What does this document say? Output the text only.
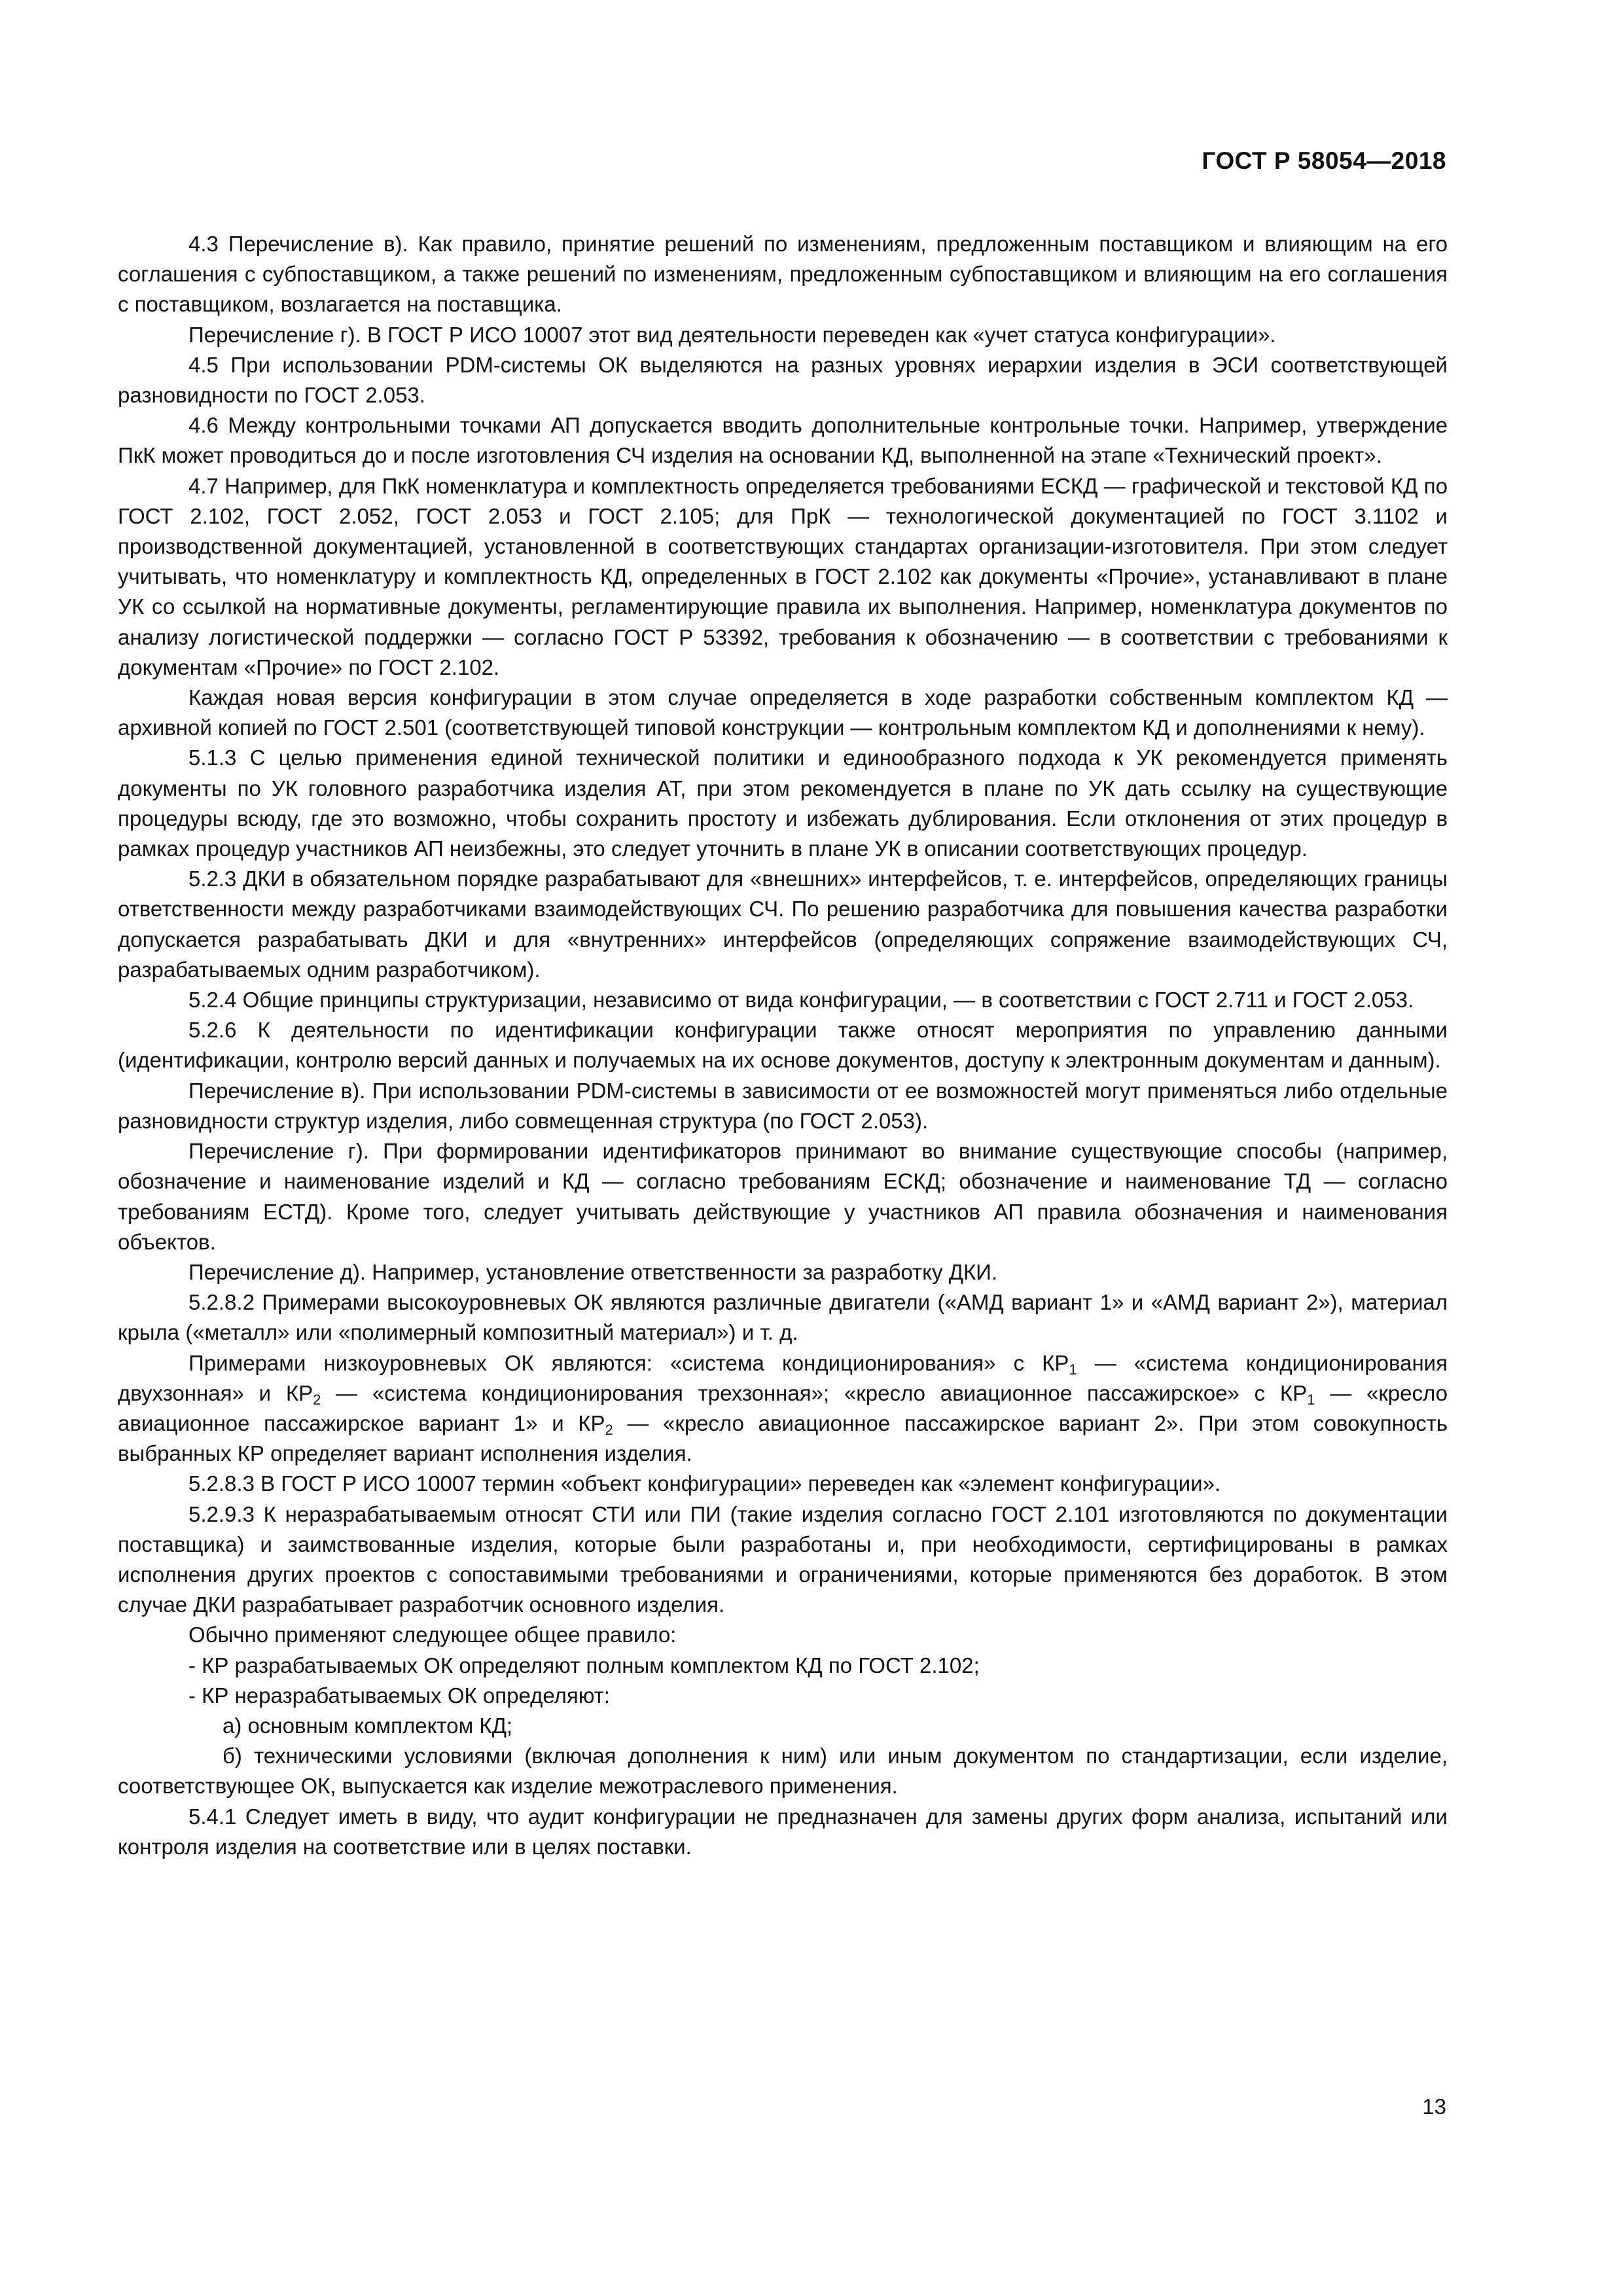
ГОСТ Р 58054—2018

4.3 Перечисление в). Как правило, принятие решений по изменениям, предложенным поставщиком и влияющим на его соглашения с субпоставщиком, а также решений по изменениям, предложенным субпоставщиком и влияющим на его соглашения с поставщиком, возлагается на поставщика.

Перечисление г). В ГОСТ Р ИСО 10007 этот вид деятельности переведен как «учет статуса конфигурации».

4.5 При использовании PDM-системы ОК выделяются на разных уровнях иерархии изделия в ЭСИ соответствующей разновидности по ГОСТ 2.053.

4.6 Между контрольными точками АП допускается вводить дополнительные контрольные точки. Например, утверждение ПкК может проводиться до и после изготовления СЧ изделия на основании КД, выполненной на этапе «Технический проект».

4.7 Например, для ПкК номенклатура и комплектность определяется требованиями ЕСКД — графической и текстовой КД по ГОСТ 2.102, ГОСТ 2.052, ГОСТ 2.053 и ГОСТ 2.105; для ПрК — технологической документацией по ГОСТ 3.1102 и производственной документацией, установленной в соответствующих стандартах организации-изготовителя. При этом следует учитывать, что номенклатуру и комплектность КД, определенных в ГОСТ 2.102 как документы «Прочие», устанавливают в плане УК со ссылкой на нормативные документы, регламентирующие правила их выполнения. Например, номенклатура документов по анализу логистической поддержки — согласно ГОСТ Р 53392, требования к обозначению — в соответствии с требованиями к документам «Прочие» по ГОСТ 2.102.

Каждая новая версия конфигурации в этом случае определяется в ходе разработки собственным комплектом КД — архивной копией по ГОСТ 2.501 (соответствующей типовой конструкции — контрольным комплектом КД и дополнениями к нему).

5.1.3 С целью применения единой технической политики и единообразного подхода к УК рекомендуется применять документы по УК головного разработчика изделия АТ, при этом рекомендуется в плане по УК дать ссылку на существующие процедуры всюду, где это возможно, чтобы сохранить простоту и избежать дублирования. Если отклонения от этих процедур в рамках процедур участников АП неизбежны, это следует уточнить в плане УК в описании соответствующих процедур.

5.2.3 ДКИ в обязательном порядке разрабатывают для «внешних» интерфейсов, т. е. интерфейсов, определяющих границы ответственности между разработчиками взаимодействующих СЧ. По решению разработчика для повышения качества разработки допускается разрабатывать ДКИ и для «внутренних» интерфейсов (определяющих сопряжение взаимодействующих СЧ, разрабатываемых одним разработчиком).

5.2.4 Общие принципы структуризации, независимо от вида конфигурации, — в соответствии с ГОСТ 2.711 и ГОСТ 2.053.

5.2.6 К деятельности по идентификации конфигурации также относят мероприятия по управлению данными (идентификации, контролю версий данных и получаемых на их основе документов, доступу к электронным документам и данным).

Перечисление в). При использовании PDM-системы в зависимости от ее возможностей могут применяться либо отдельные разновидности структур изделия, либо совмещенная структура (по ГОСТ 2.053).

Перечисление г). При формировании идентификаторов принимают во внимание существующие способы (например, обозначение и наименование изделий и КД — согласно требованиям ЕСКД; обозначение и наименование ТД — согласно требованиям ЕСТД). Кроме того, следует учитывать действующие у участников АП правила обозначения и наименования объектов.

Перечисление д). Например, установление ответственности за разработку ДКИ.

5.2.8.2 Примерами высокоуровневых ОК являются различные двигатели («АМД вариант 1» и «АМД вариант 2»), материал крыла («металл» или «полимерный композитный материал») и т. д.

Примерами низкоуровневых ОК являются: «система кондиционирования» с $КР_1$ — «система кондиционирования двухзонная» и $КР_2$ — «система кондиционирования трехзонная»; «кресло авиационное пассажирское» с $КР_1$ — «кресло авиационное пассажирское вариант 1» и $КР_2$ — «кресло авиационное пассажирское вариант 2». При этом совокупность выбранных КР определяет вариант исполнения изделия.

5.2.8.3 В ГОСТ Р ИСО 10007 термин «объект конфигурации» переведен как «элемент конфигурации».

5.2.9.3 К неразрабатываемым относят СТИ или ПИ (такие изделия согласно ГОСТ 2.101 изготовляются по документации поставщика) и заимствованные изделия, которые были разработаны и, при необходимости, сертифицированы в рамках исполнения других проектов с сопоставимыми требованиями и ограничениями, которые применяются без доработок. В этом случае ДКИ разрабатывает разработчик основного изделия.

Обычно применяют следующее общее правило:

- КР разрабатываемых ОК определяют полным комплектом КД по ГОСТ 2.102;

- КР неразрабатываемых ОК определяют:

а) основным комплектом КД;

б) техническими условиями (включая дополнения к ним) или иным документом по стандартизации, если изделие, соответствующее ОК, выпускается как изделие межотраслевого применения.

5.4.1 Следует иметь в виду, что аудит конфигурации не предназначен для замены других форм анализа, испытаний или контроля изделия на соответствие или в целях поставки.

13
